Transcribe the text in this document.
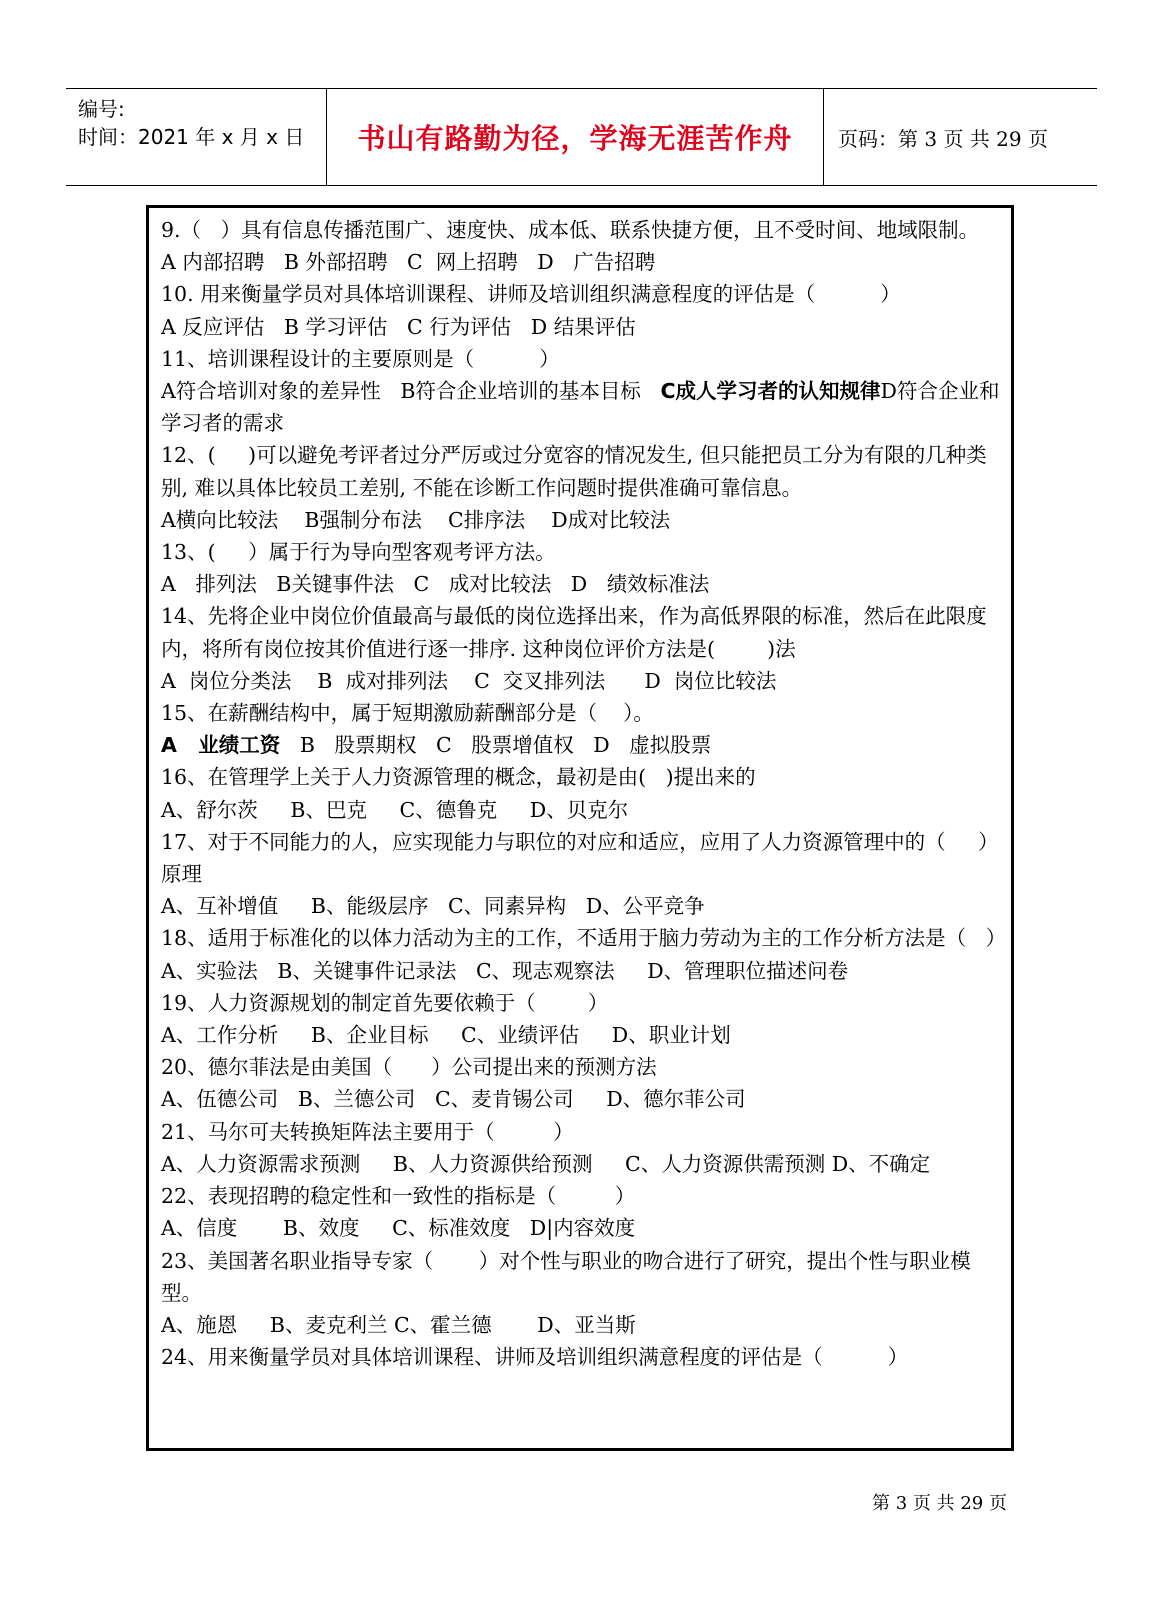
编号:
时间：2021 年 x 月 x 日 书山有路勤为径，学海无涯苦作舟	页码：第 3 页 共 29 页

9.（   ）具有信息传播范围广、速度快、成本低、联系快捷方便，且不受时间、地域限制。

A 内部招聘   B 外部招聘   C  网上招聘   D   广告招聘

10. 用来衡量学员对具体培训课程、讲师及培训组织满意程度的评估是（          ）

A 反应评估   B 学习评估   C 行为评估   D 结果评估

11、培训课程设计的主要原则是（          ）

A符合培训对象的差异性   B符合企业培训的基本目标   C成人学习者的认知规律D符合企业和学习者的需求

12、(     )可以避免考评者过分严厉或过分宽容的情况发生, 但只能把员工分为有限的几种类别, 难以具体比较员工差别, 不能在诊断工作问题时提供准确可靠信息。

A横向比较法    B强制分布法    C排序法    D成对比较法

13、(     ）属于行为导向型客观考评方法。

A   排列法   B关键事件法   C   成对比较法   D   绩效标准法

14、先将企业中岗位价值最高与最低的岗位选择出来，作为高低界限的标准，然后在此限度内，将所有岗位按其价值进行逐一排序. 这种岗位评价方法是(        )法

A  岗位分类法    B  成对排列法    C  交叉排列法      D  岗位比较法

15、在薪酬结构中，属于短期激励薪酬部分是（    ）。

A   业绩工资   B   股票期权   C   股票增值权   D   虚拟股票

16、在管理学上关于人力资源管理的概念，最初是由(   )提出来的

A、舒尔茨     B、巴克     C、德鲁克     D、贝克尔

17、对于不同能力的人，应实现能力与职位的对应和适应，应用了人力资源管理中的（     ）原理

A、互补增值     B、能级层序   C、同素异构   D、公平竞争

18、适用于标准化的以体力活动为主的工作，不适用于脑力劳动为主的工作分析方法是（   ）

A、实验法   B、关键事件记录法   C、现志观察法     D、管理职位描述问卷

19、人力资源规划的制定首先要依赖于（        ）

A、工作分析     B、企业目标     C、业绩评估     D、职业计划

20、德尔菲法是由美国（      ）公司提出来的预测方法

A、伍德公司   B、兰德公司   C、麦肯锡公司     D、德尔菲公司

21、马尔可夫转换矩阵法主要用于（         ）

A、人力资源需求预测     B、人力资源供给预测     C、人力资源供需预测 D、不确定

22、表现招聘的稳定性和一致性的指标是（         ）

A、信度       B、效度     C、标准效度   D|内容效度

23、美国著名职业指导专家（       ）对个性与职业的吻合进行了研究，提出个性与职业模型。

A、施恩     B、麦克利兰 C、霍兰德       D、亚当斯

24、用来衡量学员对具体培训课程、讲师及培训组织满意程度的评估是（          ）

第 3 页 共 29 页
